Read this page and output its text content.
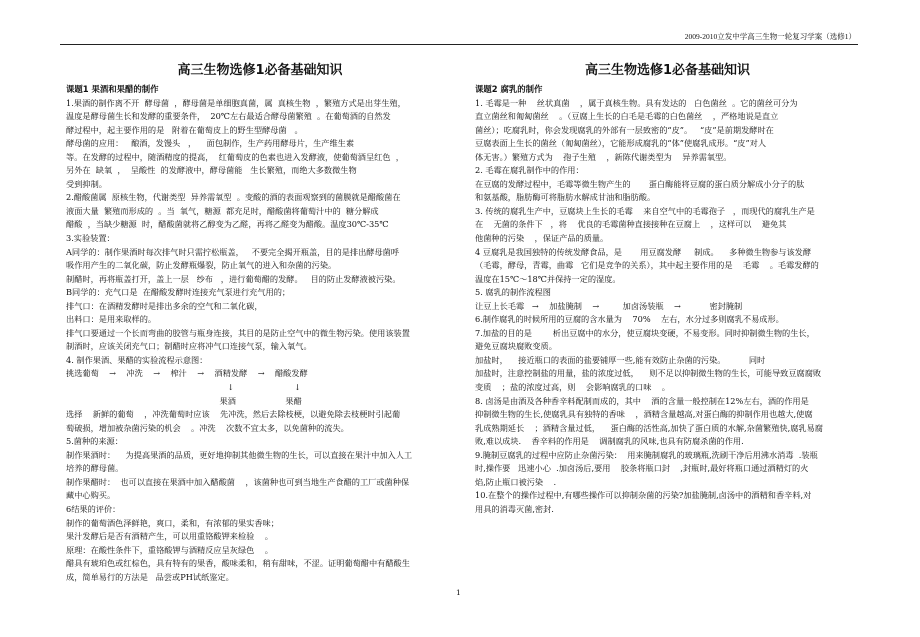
2009-2010立发中学高三生物一轮复习学案（选修1）
高三生物选修1必备基础知识
课题1 果酒和果醋的制作
1.果酒的制作离不开  酵母菌  ，酵母菌是单细胞真菌，属  真核生物  ，繁殖方式是出芽生殖，
温度是酵母菌生长和发酵的重要条件，  20℃左右最适合酵母菌繁殖  。在葡萄酒的自然发
酵过程中，起主要作用的是   附着在葡萄皮上的野生型酵母菌   。
酵母菌的应用：   酿酒，发馒头   ，    面包制作，生产药用酵母片，生产维生素
等。在发酵的过程中，随酒精度的提高，  红葡萄皮的色素也进入发酵液，使葡萄酒呈红色  ，
另外在  缺氧  ，  呈酸性  的发酵液中，酵母菌能   生长繁殖，而绝大多数微生物
受到抑制。
2.醋酸菌属  原核生物，代谢类型  异养需氧型  。变酸的酒的表面观察到的菌膜就是醋酸菌在
液面大量  繁殖而形成的  。当  氧气，糖源  都充足时，醋酸菌将葡萄汁中的  糖分解成
醋酸  ，当缺少糖源  时，醋酸菌就将乙醇变为乙醛，再将乙醛变为醋酸。温度30℃-35℃
3.实验装置：
A同学的：制作果酒时每次排气时只需拧松瓶盖，   不要完全揭开瓶盖，目的是排出酵母菌呼
吸作用产生的二氧化碳，防止发酵瓶爆裂，防止氧气的进入和杂菌的污染。
制醋时，再将瓶盖打开，盖上一层   纱布   ，进行葡萄醋的发酵。   目的防止发酵液被污染。
B同学的：充气口是  在醋酸发酵时连接充气泵进行充气用的；
排气口：在酒精发酵时是排出多余的空气和二氧化碳，
出料口：是用来取样的。
排气口要通过一个长而弯曲的胶管与瓶身连接，其目的是防止空气中的微生物污染。使用该装置
制酒时，应该关闭充气口；制醋时应将冲气口连接气泵，输入氧气。
4. 制作果酒、果醋的实验流程示意图：
挑选葡萄    →    冲洗    →    榨汁    →    酒精发酵    →    醋酸发酵
↓                       ↓
果酒                   果醋
选择    新鲜的葡萄    ，冲洗葡萄时应该    先冲洗，然后去除枝梗，以避免除去枝梗时引起葡
萄破损，增加被杂菌污染的机会    。冲洗    次数不宜太多，以免菌种的流失。
5.菌种的来源：
制作果酒时：    为提高果酒的品质，更好地抑制其他微生物的生长，可以直接在果汁中加入人工
培养的酵母菌。
制作果醋时：  也可以直接在果酒中加入醋酸菌    ，该菌种也可到当地生产食醋的工厂或菌种保
藏中心购买。
6结果的评价：
制作的葡萄酒色泽鲜艳，爽口，柔和，有浓郁的果实香味；
果汁发酵后是否有酒精产生，可以用重铬酸钾来检验    。
原理：在酸性条件下，重铬酸钾与酒精反应呈灰绿色    。
醋具有琥珀色或红棕色，具有特有的果香，酸味柔和，稍有甜味，不涩。证明葡萄醋中有醋酸生
成，简单易行的方法是   品尝或PH试纸鉴定。
高三生物选修1必备基础知识
课题2 腐乳的制作
1. 毛霉是一种    丝状真菌    ，属于真核生物。具有发达的   白色菌丝  。它的菌丝可分为
直立菌丝和匍匐菌丝    。（豆腐上生长的白毛是毛霉的白色菌丝    ，严格地说是直立
菌丝）；吃腐乳时，你会发现腐乳的外部有一层致密的“皮”。   “皮”是前期发酵时在
豆腐表面上生长的菌丝（匍匐菌丝），它能形成腐乳的“体”使腐乳成形。“皮”对人
体无害。）繁殖方式为    孢子生殖    ，新陈代谢类型为    异养需氧型。
2. 毛霉在腐乳制作中的作用：
在豆腐的发酵过程中，毛霉等微生物产生的       蛋白酶能将豆腐的蛋白质分解成小分子的肽
和氨基酸，脂肪酶可将脂肪水解成甘油和脂肪酸。
3. 传统的腐乳生产中，豆腐块上生长的毛霉    来自空气中的毛霉孢子   ，而现代的腐乳生产是
在    无菌的条件下   ，将    优良的毛霉菌种直接接种在豆腐上    ，这样可以    避免其
他菌种的污染    ，保证产品的质量。
4 豆腐乳是我国独特的传统发酵食品，是       用豆腐发酵     制成。    多种微生物参与该发酵
（毛霉，酵母，青霉，曲霉   它们是竞争的关系），其中起主要作用的是    毛霉    。毛霉发酵的
温度在15℃～18℃并保持一定的湿度。
5. 腐乳的制作流程图
让豆上长毛霉   →    加盐腌制    →         加卤汤装瓶    →           密封腌制
6.制作腐乳的时候所用的豆腐的含水量为    70%    左右，水分过多则腐乳不易成形。
7.加盐的目的是        析出豆腐中的水分，使豆腐块变硬，不易变形。同时抑制微生物的生长，
避免豆腐块腐败变质。
加盐时，    接近瓶口的表面的盐要铺厚一些,能有效防止杂菌的污染。         同时
加盐时，注意控制盐的用量，盐的浓度过低，    则不足以抑制微生物的生长，可能导致豆腐腐败
变质    ；盐的浓度过高，则    会影响腐乳的口味    。
8. 卤汤是由酒及各种香辛料配制而成的，其中    酒的含量一般控制在12%左右，酒的作用是
抑制微生物的生长,使腐乳具有独特的香味    ，酒精含量越高,对蛋白酶的抑制作用也越大,使腐
乳成熟期延长    ；酒精含量过低，    蛋白酶的活性高,加快了蛋白质的水解,杂菌繁殖快,腐乳易腐
败,难以成块.    香辛料的作用是    调制腐乳的风味,也具有防腐杀菌的作用.
9.腌制豆腐乳的过程中应防止杂菌污染：  用来腌制腐乳的玻璃瓶,洗刷干净后用沸水消毒  .装瓶
时,操作要   迅速小心  .加卤汤后,要用    胶条将瓶口封    ,封瓶时,最好将瓶口通过酒精灯的火
焰,防止瓶口被污染    .
10.在整个的操作过程中,有哪些操作可以抑制杂菌的污染?加盐腌制,卤汤中的酒精和香辛料,对
用具的消毒灭菌,密封.
1
